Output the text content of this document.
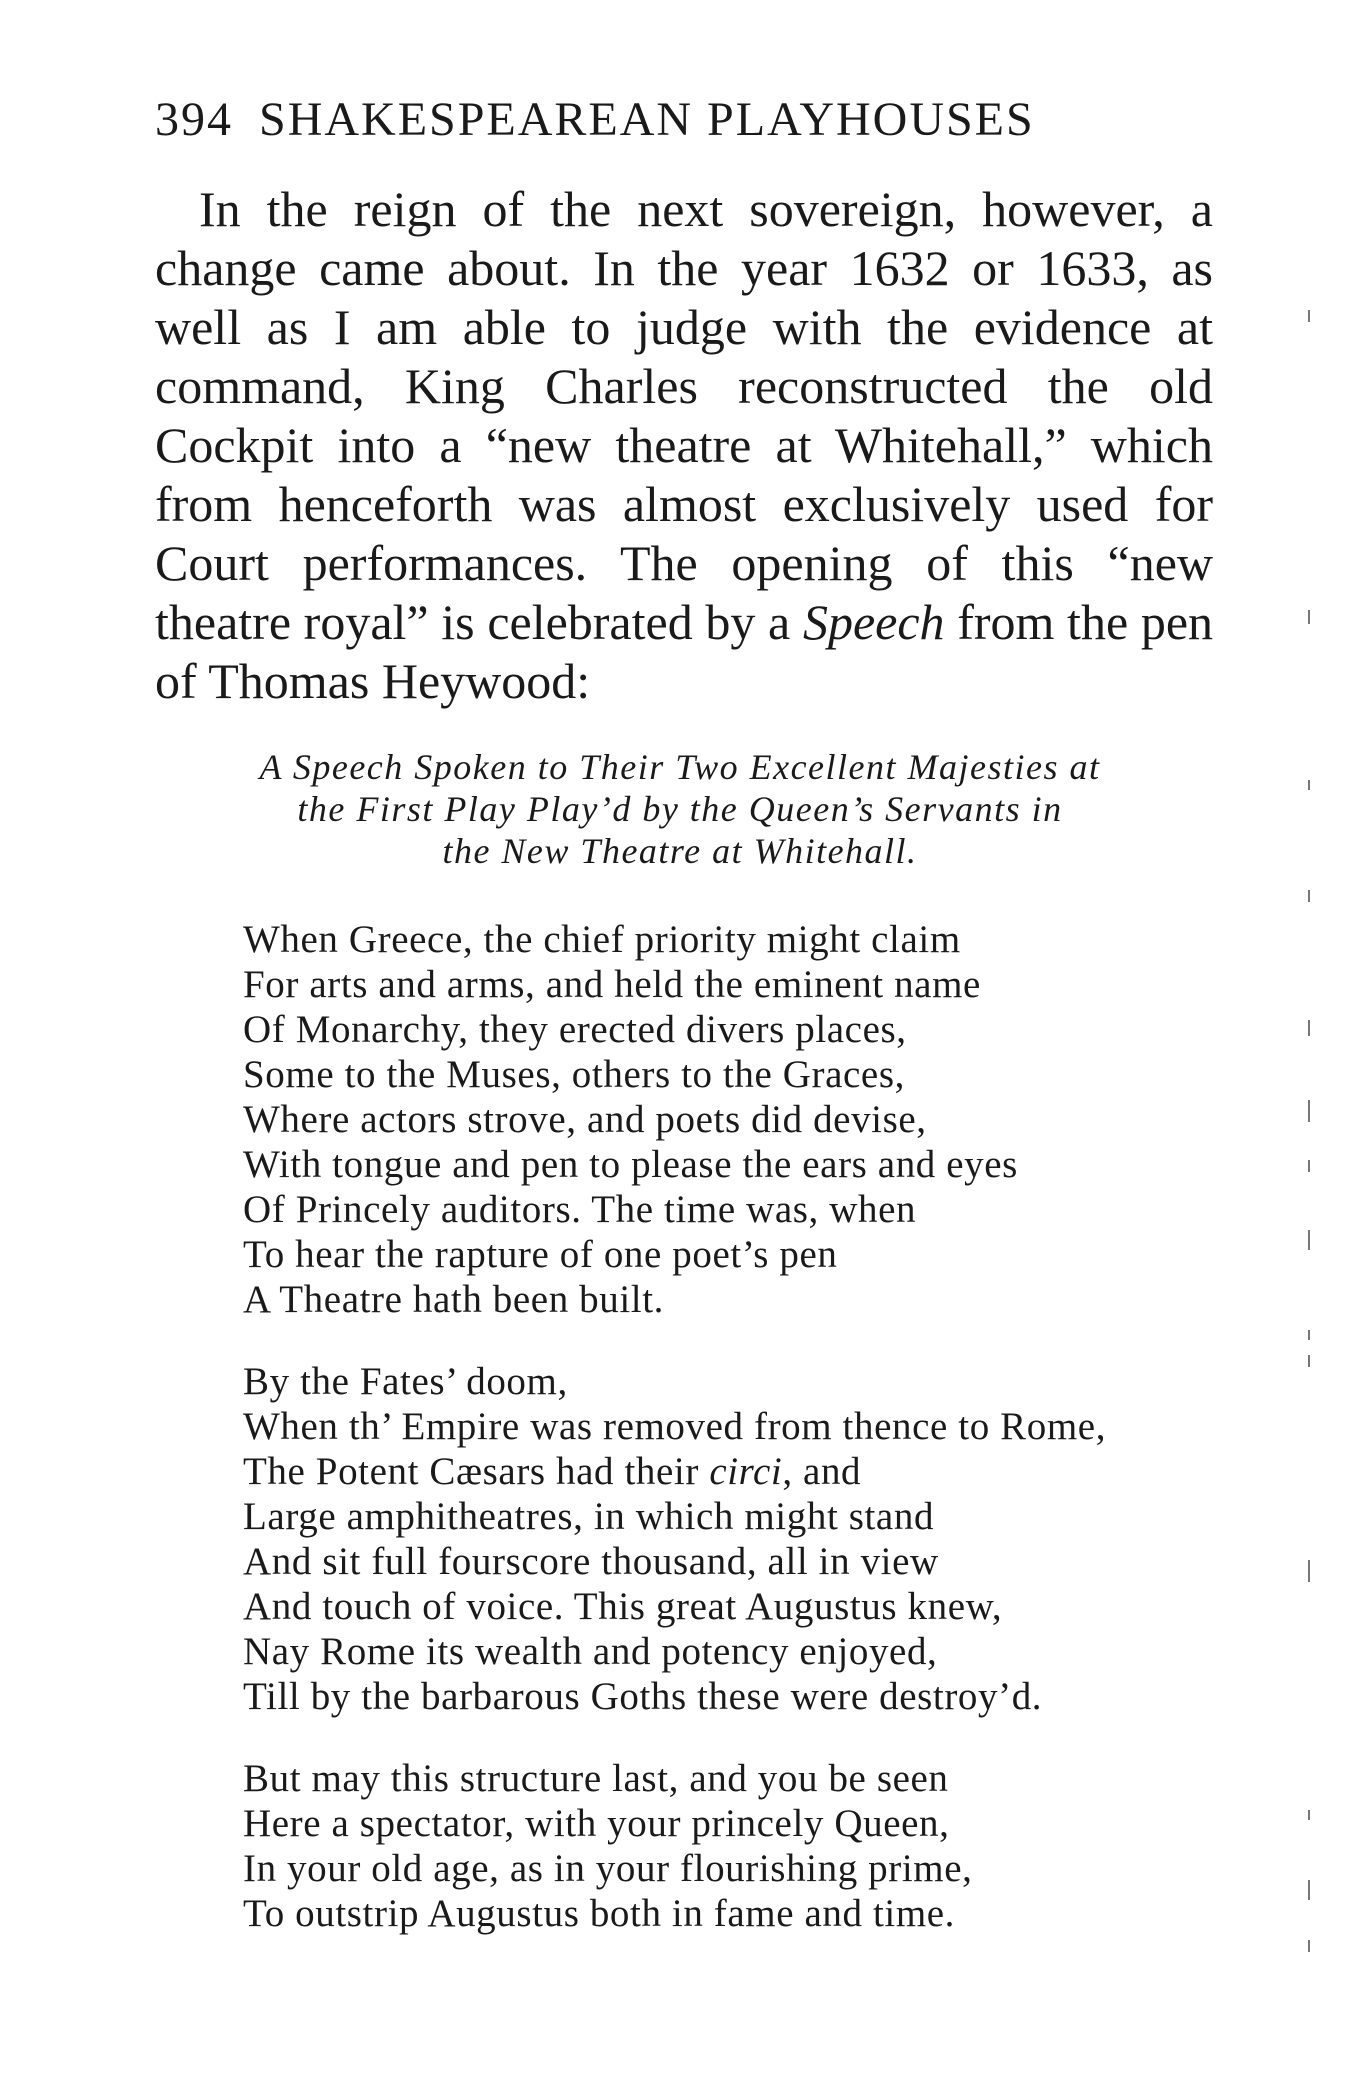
394 SHAKESPEAREAN PLAYHOUSES

In the reign of the next sovereign, however, a change came about. In the year 1632 or 1633, as well as I am able to judge with the evidence at command, King Charles reconstructed the old Cockpit into a “new theatre at Whitehall,” which from henceforth was almost exclusively used for Court performances. The opening of this “new theatre royal” is celebrated by a Speech from the pen of Thomas Heywood:

A Speech Spoken to Their Two Excellent Majesties at
the First Play Play’d by the Queen’s Servants in
the New Theatre at Whitehall.
When Greece, the chief priority might claim
For arts and arms, and held the eminent name
Of Monarchy, they erected divers places,
Some to the Muses, others to the Graces,
Where actors strove, and poets did devise,
With tongue and pen to please the ears and eyes
Of Princely auditors. The time was, when
To hear the rapture of one poet’s pen
A Theatre hath been built.
By the Fates’ doom,
When th’ Empire was removed from thence to Rome,
The Potent Cæsars had their circi, and
Large amphitheatres, in which might stand
And sit full fourscore thousand, all in view
And touch of voice. This great Augustus knew,
Nay Rome its wealth and potency enjoyed,
Till by the barbarous Goths these were destroy’d.
But may this structure last, and you be seen
Here a spectator, with your princely Queen,
In your old age, as in your flourishing prime,
To outstrip Augustus both in fame and time.
